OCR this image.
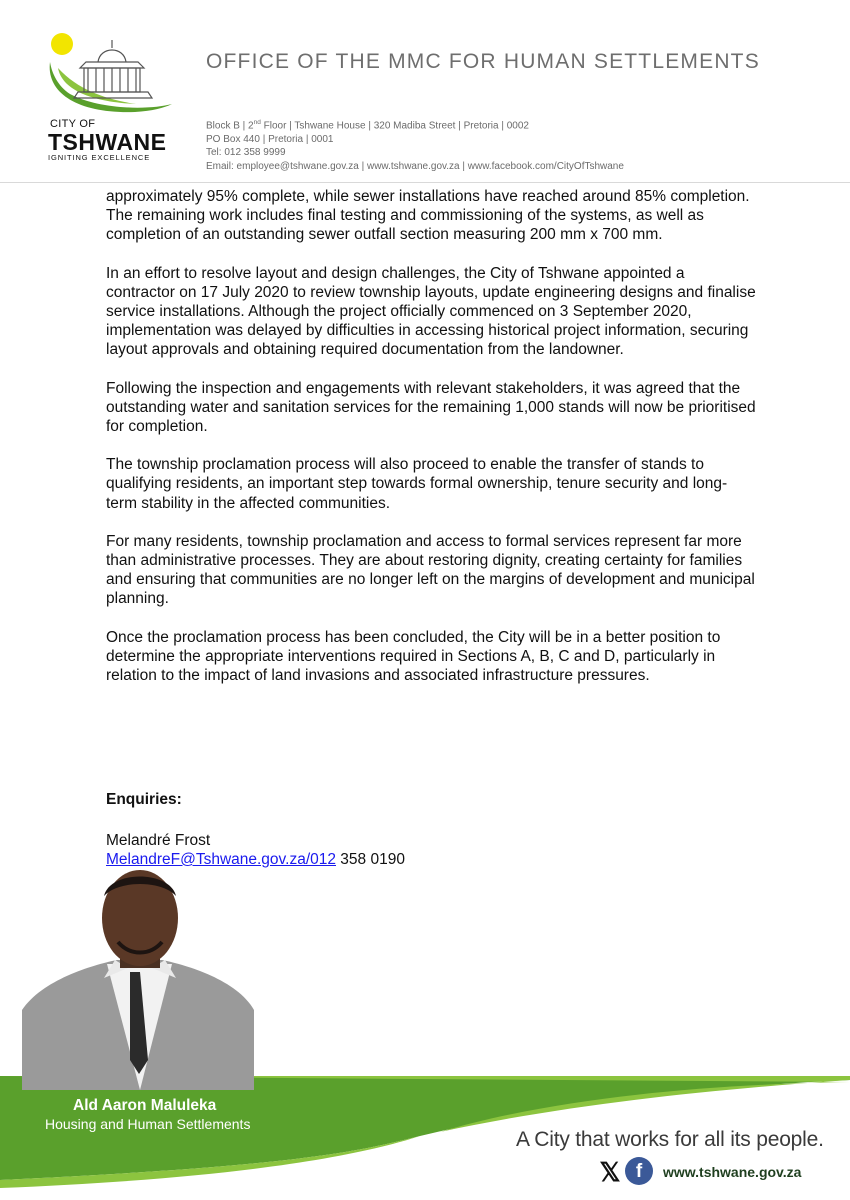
CITY OF
TSHWANE
IGNITING EXCELLENCE
OFFICE OF THE MMC FOR HUMAN SETTLEMENTS
Block B | 2nd Floor | Tshwane House | 320 Madiba Street | Pretoria | 0002
PO Box 440 | Pretoria | 0001
Tel: 012 358 9999
Email: employee@tshwane.gov.za | www.tshwane.gov.za | www.facebook.com/CityOfTshwane

approximately 95% complete, while sewer installations have reached around 85% completion. The remaining work includes final testing and commissioning of the systems, as well as completion of an outstanding sewer outfall section measuring 200 mm x 700 mm.

In an effort to resolve layout and design challenges, the City of Tshwane appointed a contractor on 17 July 2020 to review township layouts, update engineering designs and finalise service installations. Although the project officially commenced on 3 September 2020, implementation was delayed by difficulties in accessing historical project information, securing layout approvals and obtaining required documentation from the landowner.

Following the inspection and engagements with relevant stakeholders, it was agreed that the outstanding water and sanitation services for the remaining 1,000 stands will now be prioritised for completion.

The township proclamation process will also proceed to enable the transfer of stands to qualifying residents, an important step towards formal ownership, tenure security and long-term stability in the affected communities.

For many residents, township proclamation and access to formal services represent far more than administrative processes. They are about restoring dignity, creating certainty for families and ensuring that communities are no longer left on the margins of development and municipal planning.

Once the proclamation process has been concluded, the City will be in a better position to determine the appropriate interventions required in Sections A, B, C and D, particularly in relation to the impact of land invasions and associated infrastructure pressures.

Enquiries:
Melandré Frost
MelandreF@Tshwane.gov.za/012 358 0190
Ald Aaron Maluleka
Housing and Human Settlements
A City that works for all its people.
𝕏 f	www.tshwane.gov.za
